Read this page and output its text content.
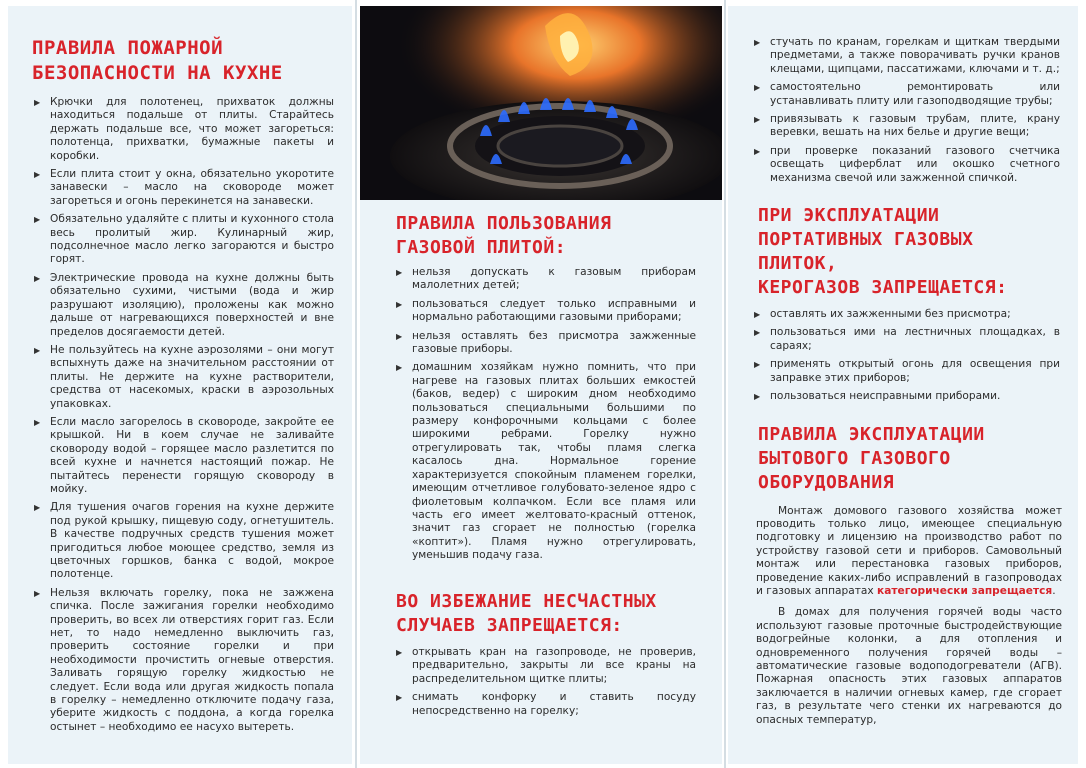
ПРАВИЛА ПОЖАРНОЙ
БЕЗОПАСНОСТИ НА КУХНЕ
▶ Крючки для полотенец, прихваток должны находиться подальше от плиты. Старайтесь держать подальше все, что может загореться: полотенца, прихватки, бумажные пакеты и коробки.
▶ Если плита стоит у окна, обязательно укоротите занавески – масло на сковороде может загореться и огонь перекинется на занавески.
▶ Обязательно удаляйте с плиты и кухонного стола весь пролитый жир. Кулинарный жир, подсолнечное масло легко загораются и быстро горят.
▶ Электрические провода на кухне должны быть обязательно сухими, чистыми (вода и жир разрушают изоляцию), проложены как можно дальше от нагревающихся поверхностей и вне пределов досягаемости детей.
▶ Не пользуйтесь на кухне аэрозолями – они могут вспыхнуть даже на значительном расстоянии от плиты. Не держите на кухне растворители, средства от насекомых, краски в аэрозольных упаковках.
▶ Если масло загорелось в сковороде, закройте ее крышкой. Ни в коем случае не заливайте сковороду водой – горящее масло разлетится по всей кухне и начнется настоящий пожар. Не пытайтесь перенести горящую сковороду в мойку.
▶ Для тушения очагов горения на кухне держите под рукой крышку, пищевую соду, огнетушитель. В качестве подручных средств тушения может пригодиться любое моющее средство, земля из цветочных горшков, банка с водой, мокрое полотенце.
▶ Нельзя включать горелку, пока не зажжена спичка. После зажигания горелки необходимо проверить, во всех ли отверстиях горит газ. Если нет, то надо немедленно выключить газ, проверить состояние горелки и при необходимости прочистить огневые отверстия. Заливать горящую горелку жидкостью не следует. Если вода или другая жидкость попала в горелку – немедленно отключите подачу газа, уберите жидкость с поддона, а когда горелка остынет – необходимо ее насухо вытереть.
ПРАВИЛА ПОЛЬЗОВАНИЯ
ГАЗОВОЙ ПЛИТОЙ:
▶ нельзя допускать к газовым приборам малолетних детей;
▶ пользоваться следует только исправными и нормально работающими газовыми приборами;
▶ нельзя оставлять без присмотра зажженные газовые приборы.
▶ домашним хозяйкам нужно помнить, что при нагреве на газовых плитах больших емкостей (баков, ведер) с широким дном необходимо пользоваться специальными большими по размеру конфорочными кольцами с более широкими ребрами. Горелку нужно отрегулировать так, чтобы пламя слегка касалось дна. Нормальное горение характеризуется спокойным пламенем горелки, имеющим отчетливое голубовато-зеленое ядро с фиолетовым колпачком. Если все пламя или часть его имеет желтовато-красный оттенок, значит газ сгорает не полностью (горелка «коптит»). Пламя нужно отрегулировать, уменьшив подачу газа.
ВО ИЗБЕЖАНИЕ НЕСЧАСТНЫХ
СЛУЧАЕВ ЗАПРЕЩАЕТСЯ:
▶ открывать кран на газопроводе, не проверив, предварительно, закрыты ли все краны на распределительном щитке плиты;
▶ снимать конфорку и ставить посуду непосредственно на горелку;
▶ стучать по кранам, горелкам и щиткам твердыми предметами, а также поворачивать ручки кранов клещами, щипцами, пассатижами, ключами и т. д.;
▶ самостоятельно ремонтировать или устанавливать плиту или газоподводящие трубы;
▶ привязывать к газовым трубам, плите, крану веревки, вешать на них белье и другие вещи;
▶ при проверке показаний газового счетчика освещать циферблат или окошко счетного механизма свечой или зажженной спичкой.
ПРИ ЭКСПЛУАТАЦИИ
ПОРТАТИВНЫХ ГАЗОВЫХ ПЛИТОК,
КЕРОГАЗОВ ЗАПРЕЩАЕТСЯ:
▶ оставлять их зажженными без присмотра;
▶ пользоваться ими на лестничных площадках, в сараях;
▶ применять открытый огонь для освещения при заправке этих приборов;
▶ пользоваться неисправными приборами.
ПРАВИЛА ЭКСПЛУАТАЦИИ
БЫТОВОГО ГАЗОВОГО
ОБОРУДОВАНИЯ

Монтаж домового газового хозяйства может проводить только лицо, имеющее специальную подготовку и лицензию на производство работ по устройству газовой сети и приборов. Самовольный монтаж или перестановка газовых приборов, проведение каких-либо исправлений в газопроводах и газовых аппаратах категорически запрещается.

В домах для получения горячей воды часто используют газовые проточные быстродействующие водогрейные колонки, а для отопления и одновременного получения горячей воды – автоматические газовые водоподогреватели (АГВ). Пожарная опасность этих газовых аппаратов заключается в наличии огневых камер, где сгорает газ, в результате чего стенки их нагреваются до опасных температур,
